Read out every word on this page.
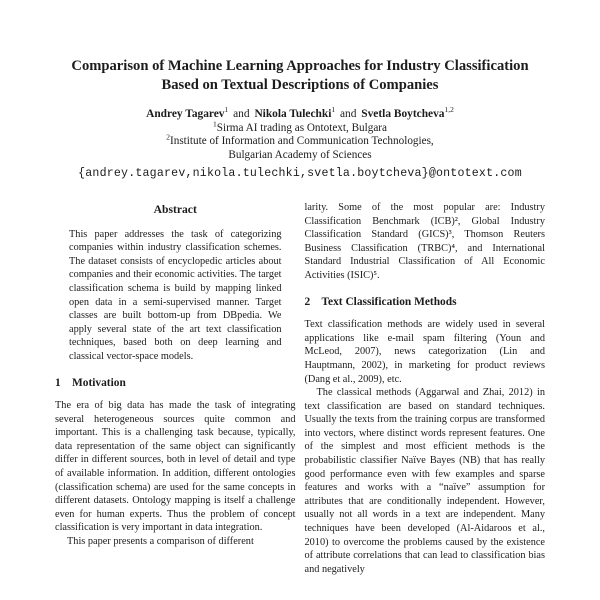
Comparison of Machine Learning Approaches for Industry Classification
Based on Textual Descriptions of Companies
Andrey Tagarev$^1$ and Nikola Tulechki$^1$ and Svetla Boytcheva$^{1,2}$
$^1$Sirma AI trading as Ontotext, Bulgara
$^2$Institute of Information and Communication Technologies,
Bulgarian Academy of Sciences
{andrey.tagarev,nikola.tulechki,svetla.boytcheva}@ontotext.com
Abstract
This paper addresses the task of categorizing companies within industry classification schemes. The dataset consists of encyclopedic articles about companies and their economic activities. The target classification schema is build by mapping linked open data in a semi-supervised manner. Target classes are built bottom-up from DBpedia. We apply several state of the art text classification techniques, based both on deep learning and classical vector-space models.
1 Motivation

The era of big data has made the task of integrating several heterogeneous sources quite common and important. This is a challenging task because, typically, data representation of the same object can significantly differ in different sources, both in level of detail and type of available information. In addition, different ontologies (classification schema) are used for the same concepts in different datasets. Ontology mapping is itself a challenge even for human experts. Thus the problem of concept classification is very important in data integration.

This paper presents a comparison of different

larity. Some of the most popular are: Industry Classification Benchmark (ICB)², Global Industry Classification Standard (GICS)³, Thomson Reuters Business Classification (TRBC)⁴, and International Standard Industrial Classification of All Economic Activities (ISIC)⁵.

2 Text Classification Methods

Text classification methods are widely used in several applications like e-mail spam filtering (Youn and McLeod, 2007), news categorization (Lin and Hauptmann, 2002), in marketing for product reviews (Dang et al., 2009), etc.

The classical methods (Aggarwal and Zhai, 2012) in text classification are based on standard techniques. Usually the texts from the training corpus are transformed into vectors, where distinct words represent features. One of the simplest and most efficient methods is the probabilistic classifier Naïve Bayes (NB) that has really good performance even with few examples and sparse features and works with a “naïve” assumption for attributes that are conditionally independent. However, usually not all words in a text are independent. Many techniques have been developed (Al-Aidaroos et al., 2010) to overcome the problems caused by the existence of attribute correlations that can lead to classification bias and negatively
